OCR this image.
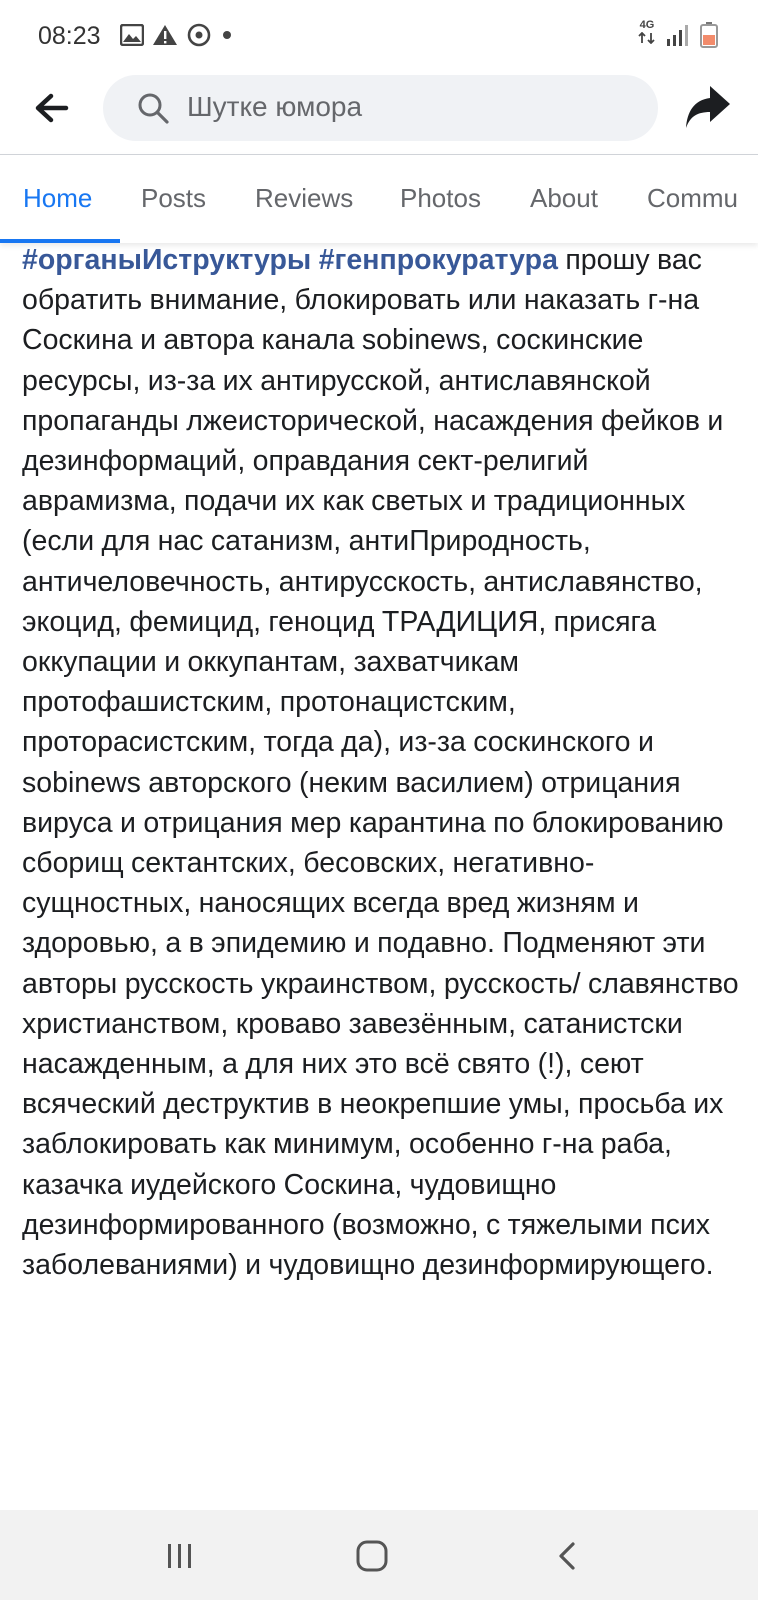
08:23	4G
Шутке юмора
Home Posts Reviews Photos About Commu
#органыИструктуры #генпрокуратура прошу вас обратить внимание, блокировать или наказать г-на Соскина и автора канала sobinews, соскинские ресурсы, из-за их антирусской, антиславянской пропаганды лжеисторической, насаждения фейков и дезинформаций, оправдания сект-религий аврамизма, подачи их как светых и традиционных (если для нас сатанизм, антиПриродность, античеловечность, антирусскость, антиславянство, экоцид, фемицид, геноцид ТРАДИЦИЯ, присяга оккупации и оккупантам, захватчикам протофашистским, протонацистским, проторасистским, тогда да), из-за соскинского и sobinews авторского (неким василием) отрицания вируса и отрицания мер карантина по блокированию сборищ сектантских, бесовских, негативно-сущностных, наносящих всегда вред жизням и здоровью, а в эпидемию и подавно. Подменяют эти авторы русскость украинством, русскость/ славянство христианством, кроваво завезённым, сатанистски насажденным, а для них это всё свято (!), сеют всяческий деструктив в неокрепшие умы, просьба их заблокировать как минимум, особенно г-на раба, казачка иудейского Соскина, чудовищно дезинформированного (возможно, с тяжелыми псих заболеваниями) и чудовищно дезинформирующего.
